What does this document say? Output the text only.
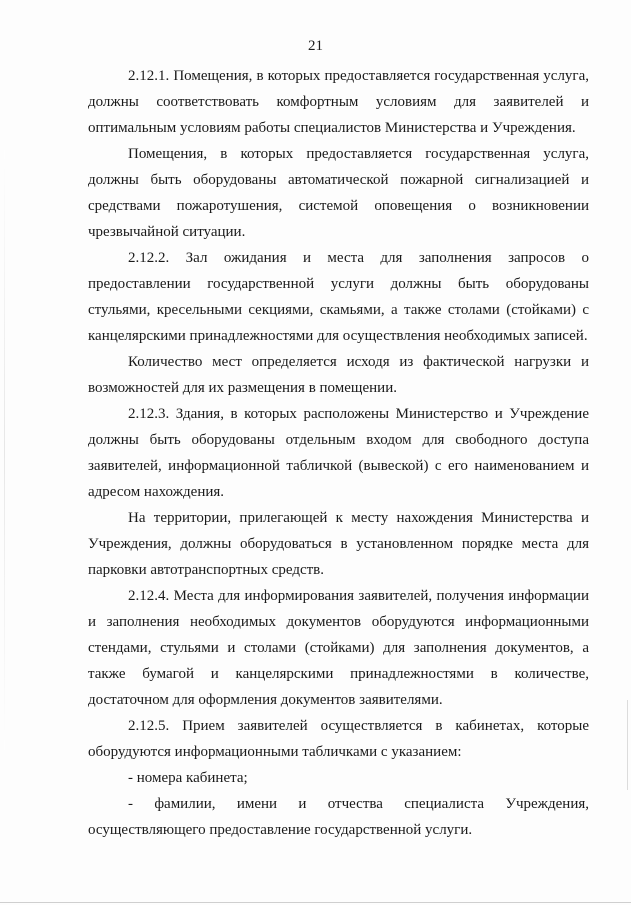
21

2.12.1. Помещения, в которых предоставляется государственная услуга, должны соответствовать комфортным условиям для заявителей и оптимальным условиям работы специалистов Министерства и Учреждения.

Помещения, в которых предоставляется государственная услуга, должны быть оборудованы автоматической пожарной сигнализацией и средствами пожаротушения, системой оповещения о возникновении чрезвычайной ситуации.

2.12.2. Зал ожидания и места для заполнения запросов о предоставлении государственной услуги должны быть оборудованы стульями, кресельными секциями, скамьями, а также столами (стойками) с канцелярскими принадлежностями для осуществления необходимых записей.

Количество мест определяется исходя из фактической нагрузки и возможностей для их размещения в помещении.

2.12.3. Здания, в которых расположены Министерство и Учреждение должны быть оборудованы отдельным входом для свободного доступа заявителей, информационной табличкой (вывеской) с его наименованием и адресом нахождения.

На территории, прилегающей к месту нахождения Министерства и Учреждения, должны оборудоваться в установленном порядке места для парковки автотранспортных средств.

2.12.4. Места для информирования заявителей, получения информации и заполнения необходимых документов оборудуются информационными стендами, стульями и столами (стойками) для заполнения документов, а также бумагой и канцелярскими принадлежностями в количестве, достаточном для оформления документов заявителями.

2.12.5. Прием заявителей осуществляется в кабинетах, которые оборудуются информационными табличками с указанием:

- номера кабинета;

- фамилии, имени и отчества специалиста Учреждения, осуществляющего предоставление государственной услуги.
